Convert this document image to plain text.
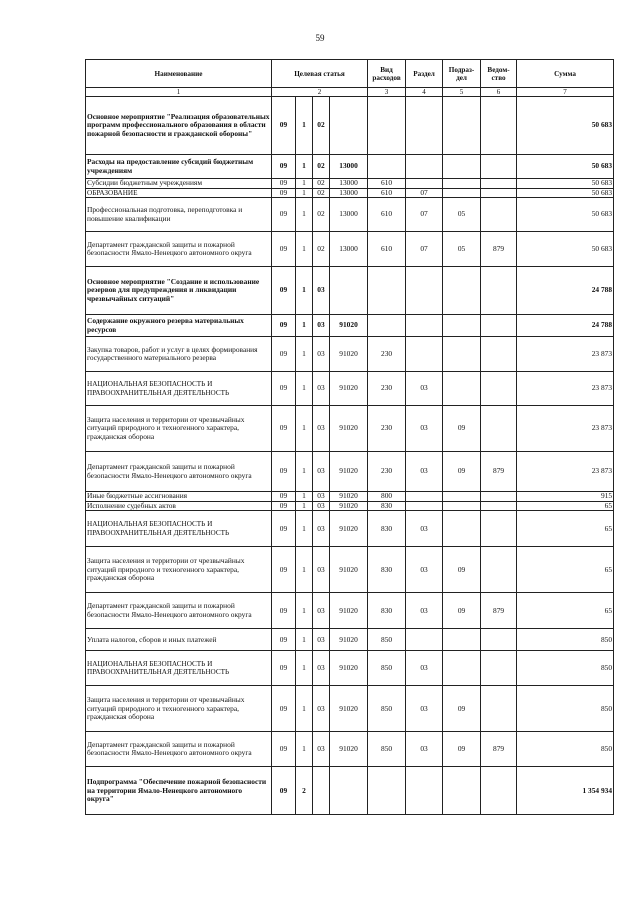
59
Наименование	Целевая статья				Вид расходов	Раздел	Подраз-дел	Ведом-ство	Сумма
1	2				3	4	5	6	7
Основное мероприятие "Реализация образовательных программ профессионального образования в области пожарной безопасности и гражданской обороны"	09	1	02						50 683
Расходы на предоставление субсидий бюджетным учреждениям	09	1	02	13000					50 683
Субсидии бюджетным учреждениям	09	1	02	13000	610				50 683
ОБРАЗОВАНИЕ	09	1	02	13000	610	07			50 683
Профессиональная подготовка, переподготовка и повышение квалификации	09	1	02	13000	610	07	05		50 683
Департамент гражданской защиты и пожарной безопасности Ямало-Ненецкого автономного округа	09	1	02	13000	610	07	05	879	50 683
Основное мероприятие "Создание и использование резервов для предупреждения и ликвидации чрезвычайных ситуаций"	09	1	03						24 788
Содержание окружного резерва материальных ресурсов	09	1	03	91020					24 788
Закупка товаров, работ и услуг в целях формирования государственного материального резерва	09	1	03	91020	230				23 873
НАЦИОНАЛЬНАЯ БЕЗОПАСНОСТЬ И ПРАВООХРАНИТЕЛЬНАЯ ДЕЯТЕЛЬНОСТЬ	09	1	03	91020	230	03			23 873
Защита населения и территории от чрезвычайных ситуаций природного и техногенного характера, гражданская оборона	09	1	03	91020	230	03	09		23 873
Департамент гражданской защиты и пожарной безопасности Ямало-Ненецкого автономного округа	09	1	03	91020	230	03	09	879	23 873
Иные бюджетные ассигнования	09	1	03	91020	800				915
Исполнение судебных актов	09	1	03	91020	830				65
НАЦИОНАЛЬНАЯ БЕЗОПАСНОСТЬ И ПРАВООХРАНИТЕЛЬНАЯ ДЕЯТЕЛЬНОСТЬ	09	1	03	91020	830	03			65
Защита населения и территории от чрезвычайных ситуаций природного и техногенного характера, гражданская оборона	09	1	03	91020	830	03	09		65
Департамент гражданской защиты и пожарной безопасности Ямало-Ненецкого автономного округа	09	1	03	91020	830	03	09	879	65
Уплата налогов, сборов и иных платежей	09	1	03	91020	850				850
НАЦИОНАЛЬНАЯ БЕЗОПАСНОСТЬ И ПРАВООХРАНИТЕЛЬНАЯ ДЕЯТЕЛЬНОСТЬ	09	1	03	91020	850	03			850
Защита населения и территории от чрезвычайных ситуаций природного и техногенного характера, гражданская оборона	09	1	03	91020	850	03	09		850
Департамент гражданской защиты и пожарной безопасности Ямало-Ненецкого автономного округа	09	1	03	91020	850	03	09	879	850
Подпрограмма "Обеспечение пожарной безопасности на территории Ямало-Ненецкого автономного округа"	09	2							1 354 934
